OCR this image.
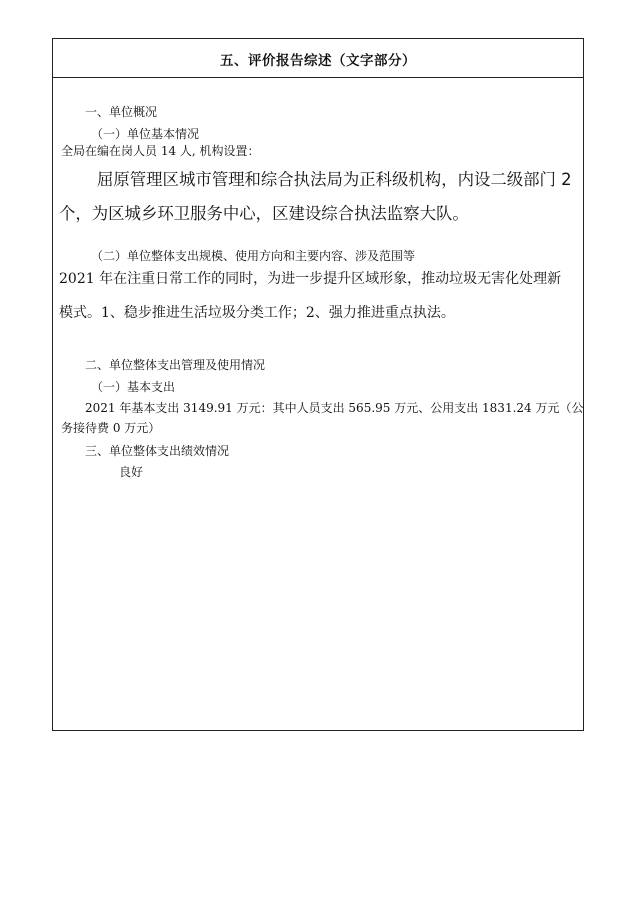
五、评价报告综述（文字部分）
一、单位概况
（一）单位基本情况
全局在编在岗人员 14 人, 机构设置：
屈原管理区城市管理和综合执法局为正科级机构，内设二级部门 2
个，为区城乡环卫服务中心，区建设综合执法监察大队。
（二）单位整体支出规模、使用方向和主要内容、涉及范围等
2021 年在注重日常工作的同时，为进一步提升区域形象，推动垃圾无害化处理新
模式。1、稳步推进生活垃圾分类工作；2、强力推进重点执法。
二、单位整体支出管理及使用情况
（一）基本支出
2021 年基本支出 3149.91 万元：其中人员支出 565.95 万元、公用支出 1831.24 万元（公
务接待费 0 万元）
三、单位整体支出绩效情况
良好
